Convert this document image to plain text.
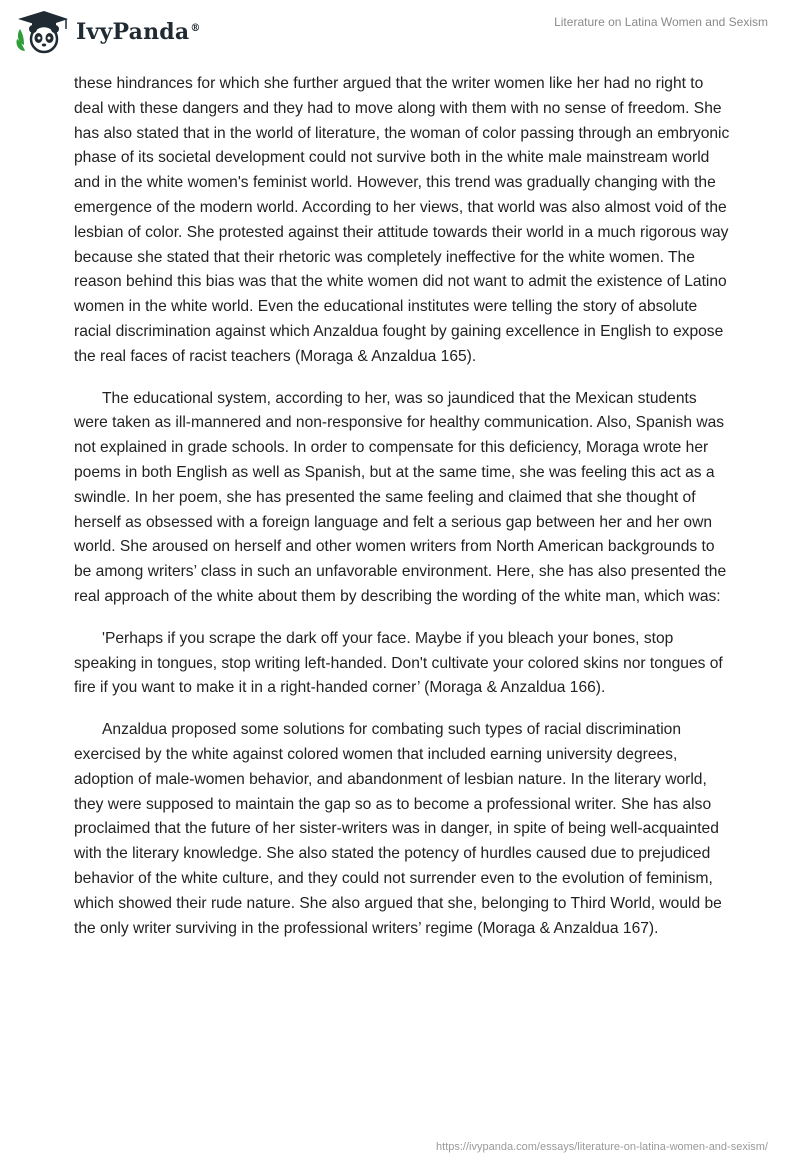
IvyPanda®	Literature on Latina Women and Sexism

these hindrances for which she further argued that the writer women like her had no right to deal with these dangers and they had to move along with them with no sense of freedom. She has also stated that in the world of literature, the woman of color passing through an embryonic phase of its societal development could not survive both in the white male mainstream world and in the white women's feminist world. However, this trend was gradually changing with the emergence of the modern world. According to her views, that world was also almost void of the lesbian of color. She protested against their attitude towards their world in a much rigorous way because she stated that their rhetoric was completely ineffective for the white women. The reason behind this bias was that the white women did not want to admit the existence of Latino women in the white world. Even the educational institutes were telling the story of absolute racial discrimination against which Anzaldua fought by gaining excellence in English to expose the real faces of racist teachers (Moraga & Anzaldua 165).

The educational system, according to her, was so jaundiced that the Mexican students were taken as ill-mannered and non-responsive for healthy communication. Also, Spanish was not explained in grade schools. In order to compensate for this deficiency, Moraga wrote her poems in both English as well as Spanish, but at the same time, she was feeling this act as a swindle. In her poem, she has presented the same feeling and claimed that she thought of herself as obsessed with a foreign language and felt a serious gap between her and her own world. She aroused on herself and other women writers from North American backgrounds to be among writers’ class in such an unfavorable environment. Here, she has also presented the real approach of the white about them by describing the wording of the white man, which was:

'Perhaps if you scrape the dark off your face. Maybe if you bleach your bones, stop speaking in tongues, stop writing left-handed. Don't cultivate your colored skins nor tongues of fire if you want to make it in a right-handed corner’ (Moraga & Anzaldua 166).

Anzaldua proposed some solutions for combating such types of racial discrimination exercised by the white against colored women that included earning university degrees, adoption of male-women behavior, and abandonment of lesbian nature. In the literary world, they were supposed to maintain the gap so as to become a professional writer. She has also proclaimed that the future of her sister-writers was in danger, in spite of being well-acquainted with the literary knowledge. She also stated the potency of hurdles caused due to prejudiced behavior of the white culture, and they could not surrender even to the evolution of feminism, which showed their rude nature. She also argued that she, belonging to Third World, would be the only writer surviving in the professional writers’ regime (Moraga & Anzaldua 167).

https://ivypanda.com/essays/literature-on-latina-women-and-sexism/
